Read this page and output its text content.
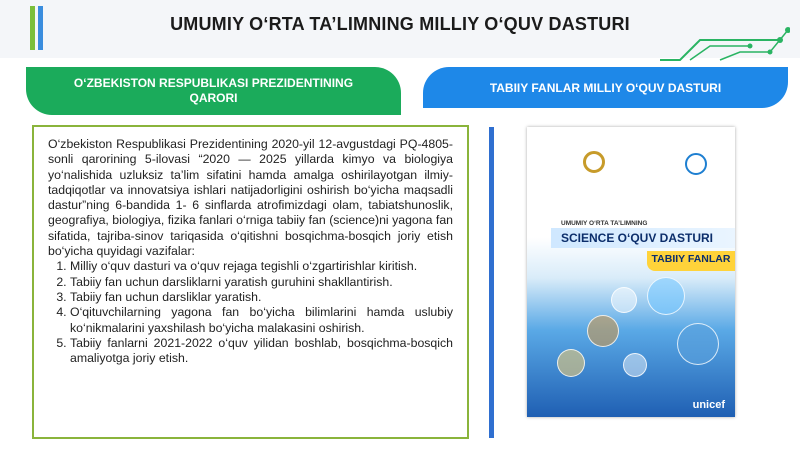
UMUMIY O‘RTA TA’LIMNING MILLIY O‘QUV DASTURI
O‘ZBEKISTON RESPUBLIKASI PREZIDENTINING QARORI
TABIIY FANLAR MILLIY O‘QUV DASTURI

O‘zbekiston Respublikasi Prezidentining 2020-yil 12-avgustdagi PQ-4805-sonli qarorining 5-ilovasi “2020 — 2025 yillarda kimyo va biologiya yo‘nalishida uzluksiz ta’lim sifatini hamda amalga oshirilayotgan ilmiy-tadqiqotlar va innovatsiya ishlari natijadorligini oshirish bo‘yicha maqsadli dastur”ning 6-bandida 1- 6 sinflarda atrofimizdagi olam, tabiatshunoslik, geografiya, biologiya, fizika fanlari o‘rniga tabiiy fan (science)ni yagona fan sifatida, tajriba-sinov tariqasida o‘qitishni bosqichma-bosqich joriy etish bo‘yicha quyidagi vazifalar:

1. Milliy o‘quv dasturi va o‘quv rejaga tegishli o‘zgartirishlar kiritish.
2. Tabiiy fan uchun darsliklarni yaratish guruhini shakllantirish.
3. Tabiiy fan uchun darsliklar yaratish.
4. O‘qituvchilarning yagona fan bo‘yicha bilimlarini hamda uslubiy ko‘nikmalarini yaxshilash bo‘yicha malakasini oshirish.
5. Tabiiy fanlarni 2021-2022 o‘quv yilidan boshlab, bosqichma-bosqich amaliyotga joriy etish.
UMUMIY O‘RTA TA’LIMNING
SCIENCE O‘QUV DASTURI
TABIIY FANLAR
unicef
